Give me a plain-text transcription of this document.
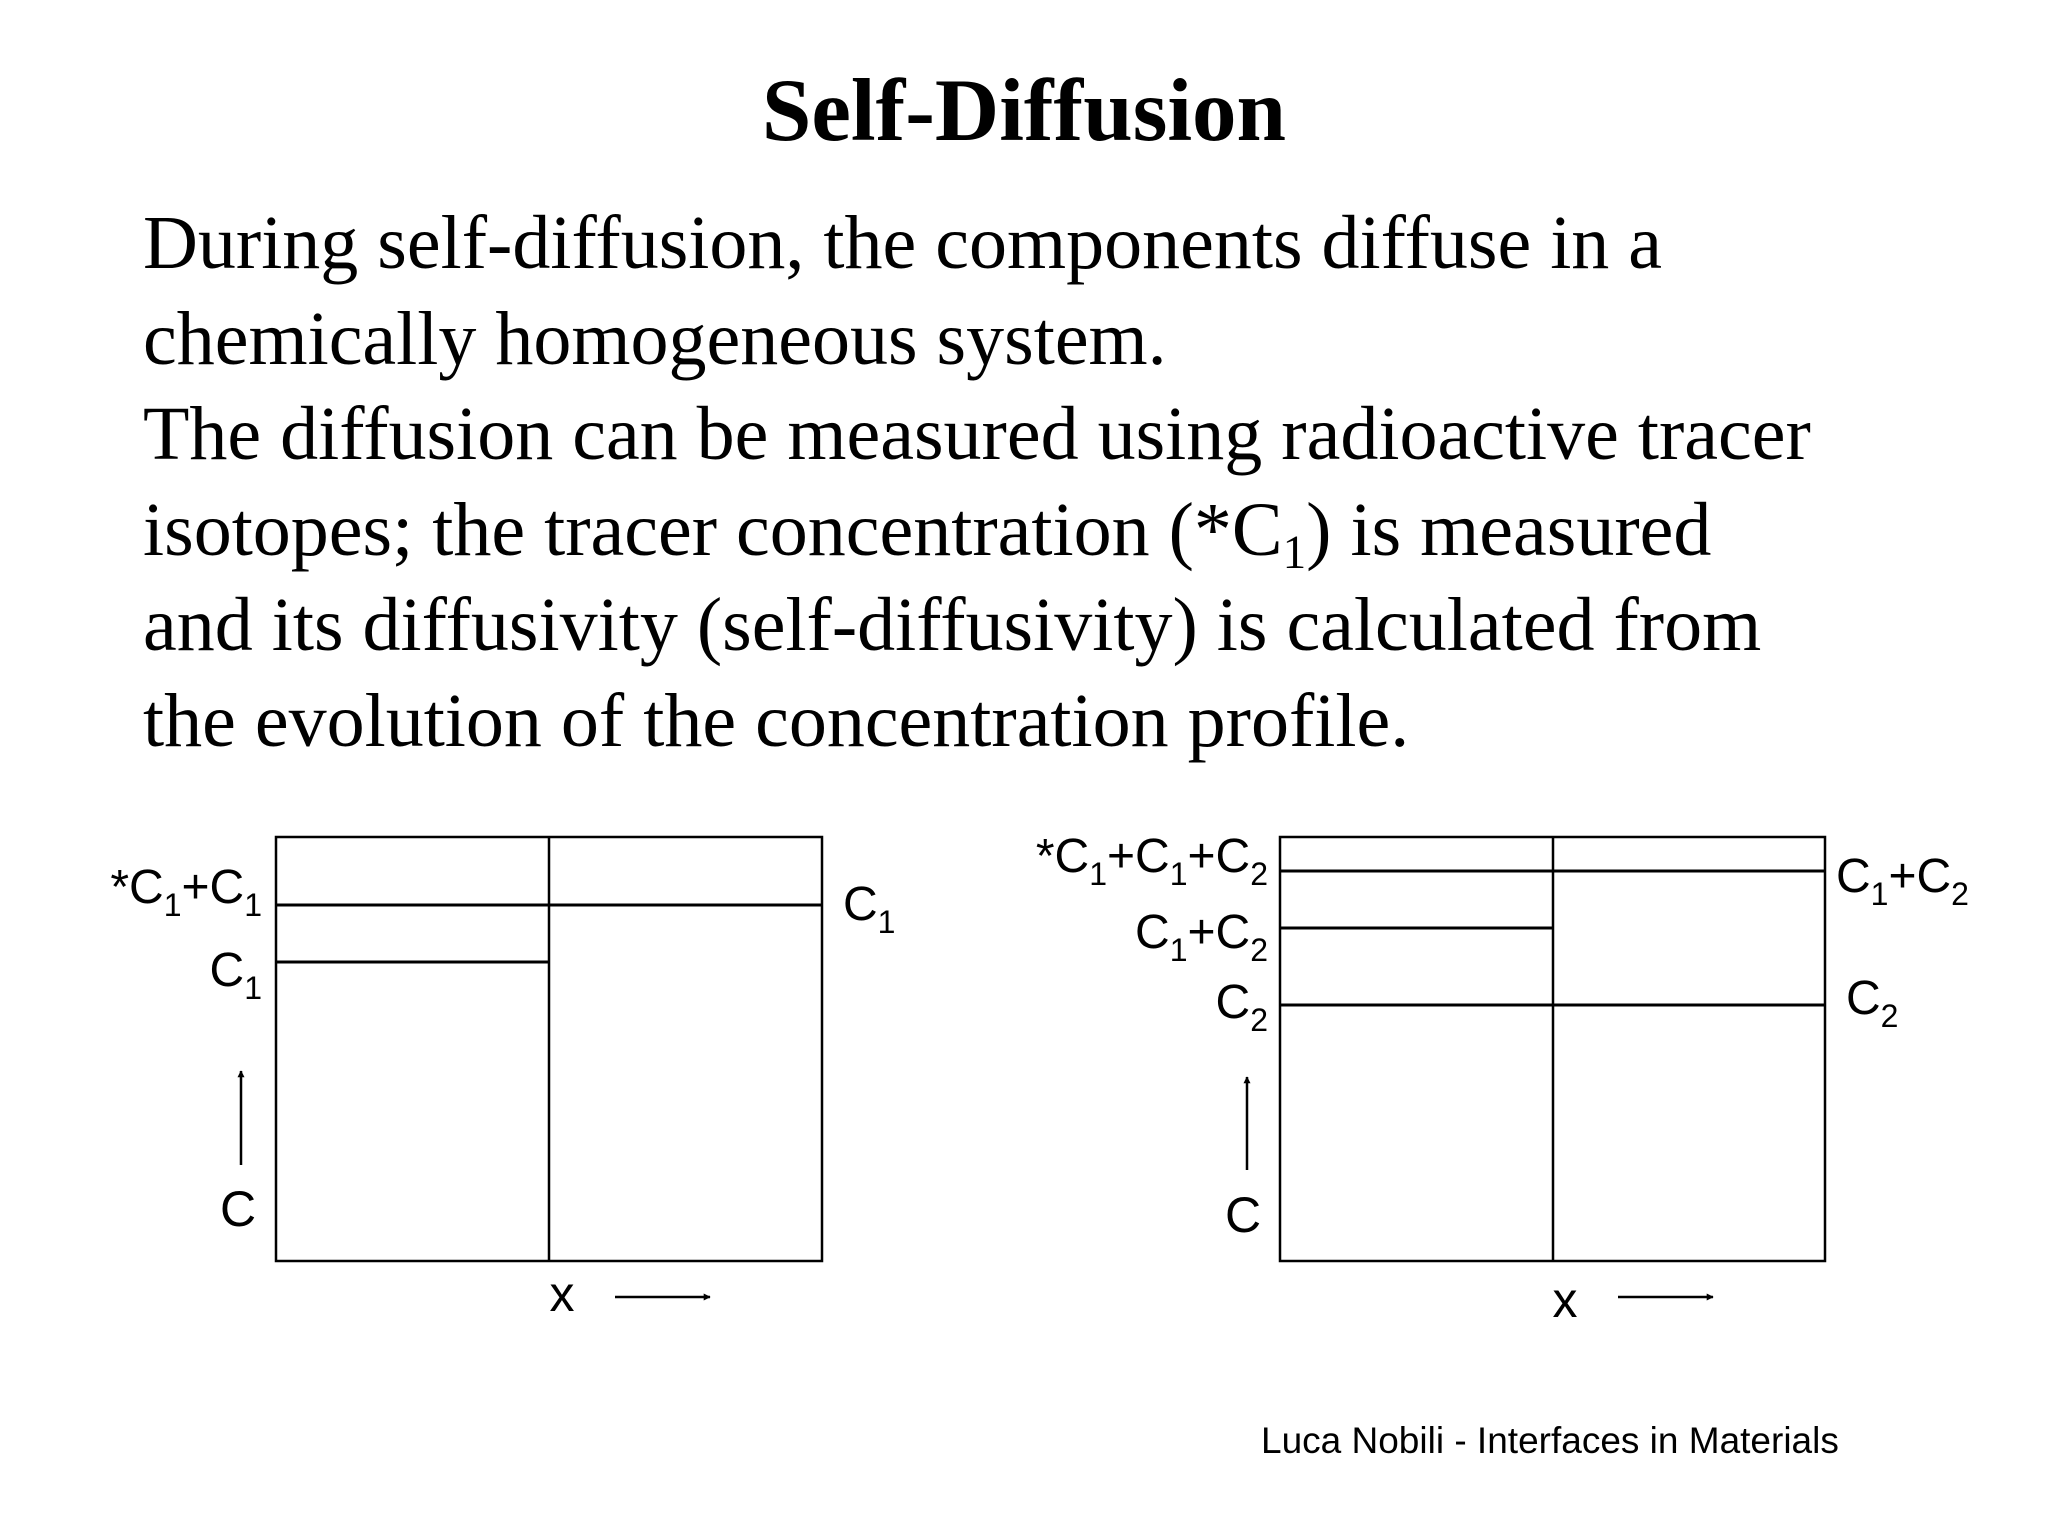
Self-Diffusion
During self-diffusion, the components diffuse in a
chemically homogeneous system.
The diffusion can be measured using radioactive tracer
isotopes; the tracer concentration $(*C_1)$ is measured
and its diffusivity (self-diffusivity) is calculated from
the evolution of the concentration profile.
$*C_1+C_1$
$C_1$
$C_1$
C
x
$*C_1+C_1+C_2$
$C_1+C_2$
$C_2$
$C_1+C_2$
$C_2$
C
x
Luca Nobili - Interfaces in Materials
